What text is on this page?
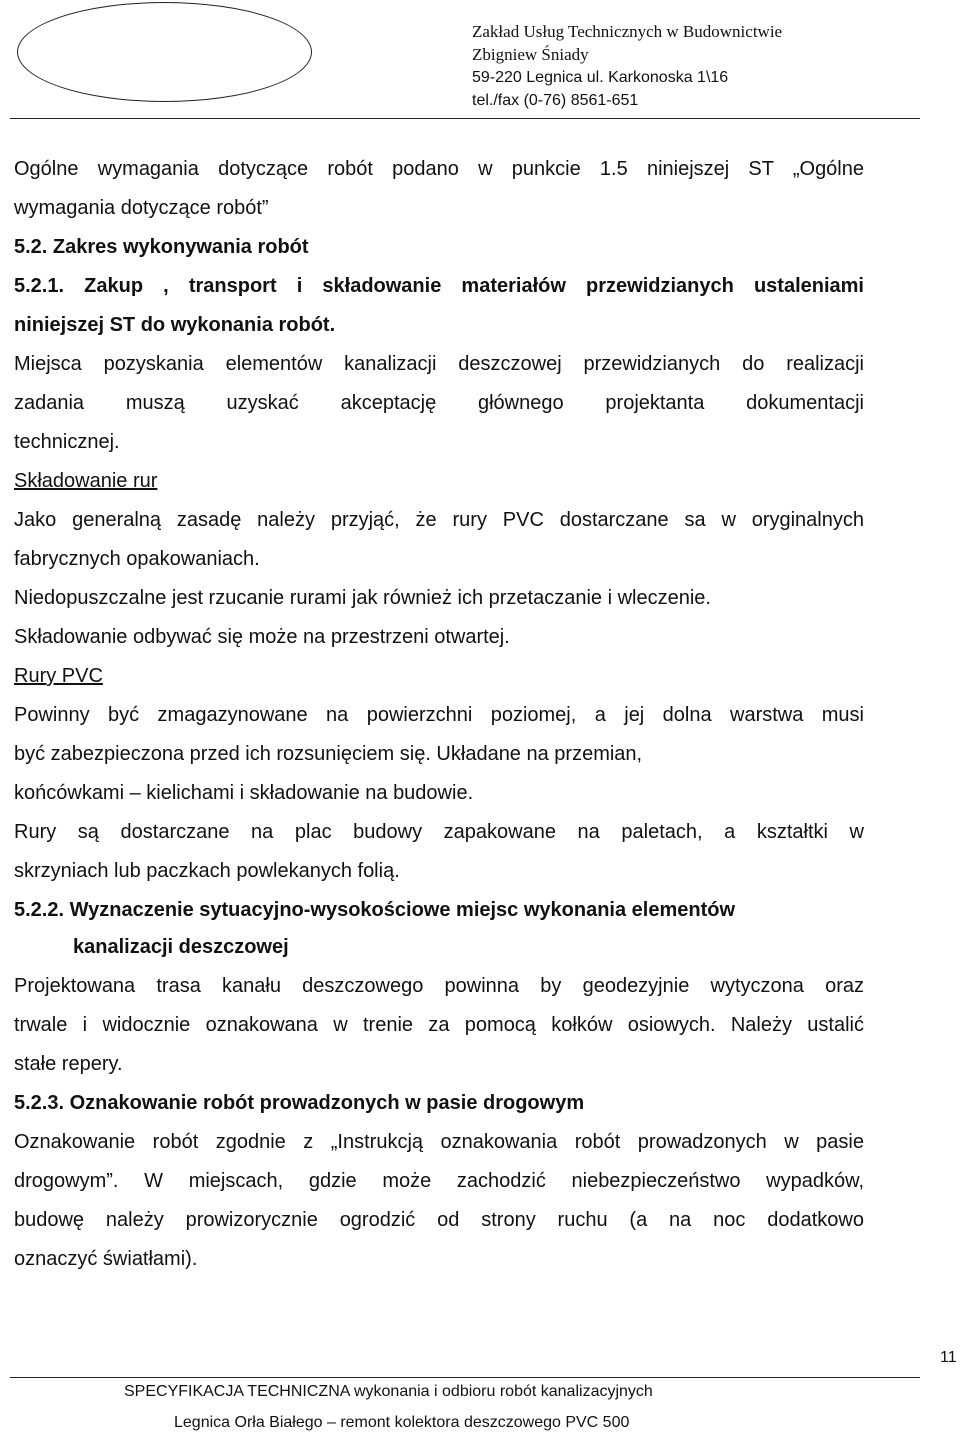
Zakład Usług Technicznych w Budownictwie
Zbigniew Śniady
59-220 Legnica ul. Karkonoska 1\16
tel./fax (0-76) 8561-651
Ogólne wymagania dotyczące robót podano w punkcie 1.5 niniejszej ST „Ogólne
wymagania dotyczące robót”
5.2. Zakres wykonywania robót
5.2.1. Zakup , transport i składowanie materiałów przewidzianych ustaleniami
niniejszej ST do wykonania robót.
Miejsca pozyskania elementów kanalizacji deszczowej przewidzianych do realizacji
zadania muszą uzyskać akceptację głównego projektanta dokumentacji
technicznej.
Składowanie rur
Jako generalną zasadę należy przyjąć, że rury PVC dostarczane sa w oryginalnych
fabrycznych opakowaniach.
Niedopuszczalne jest rzucanie rurami jak również ich przetaczanie i wleczenie.
Składowanie odbywać się może na przestrzeni otwartej.
Rury PVC
Powinny być zmagazynowane na powierzchni poziomej, a jej dolna warstwa musi
być zabezpieczona przed ich rozsunięciem się. Układane na przemian,
końcówkami – kielichami i składowanie na budowie.
Rury są dostarczane na plac budowy zapakowane na paletach, a kształtki w
skrzyniach lub paczkach powlekanych folią.
5.2.2. Wyznaczenie sytuacyjno-wysokościowe miejsc wykonania elementów
kanalizacji deszczowej
Projektowana trasa kanału deszczowego powinna by geodezyjnie wytyczona oraz
trwale i widocznie oznakowana w trenie za pomocą kołków osiowych. Należy ustalić
stałe repery.
5.2.3. Oznakowanie robót prowadzonych w pasie drogowym
Oznakowanie robót zgodnie z „Instrukcją oznakowania robót prowadzonych w pasie
drogowym”. W miejscach, gdzie może zachodzić niebezpieczeństwo wypadków,
budowę należy prowizorycznie ogrodzić od strony ruchu (a na noc dodatkowo
oznaczyć światłami).
11
SPECYFIKACJA TECHNICZNA wykonania i odbioru robót kanalizacyjnych
Legnica Orła Białego – remont kolektora deszczowego PVC 500
